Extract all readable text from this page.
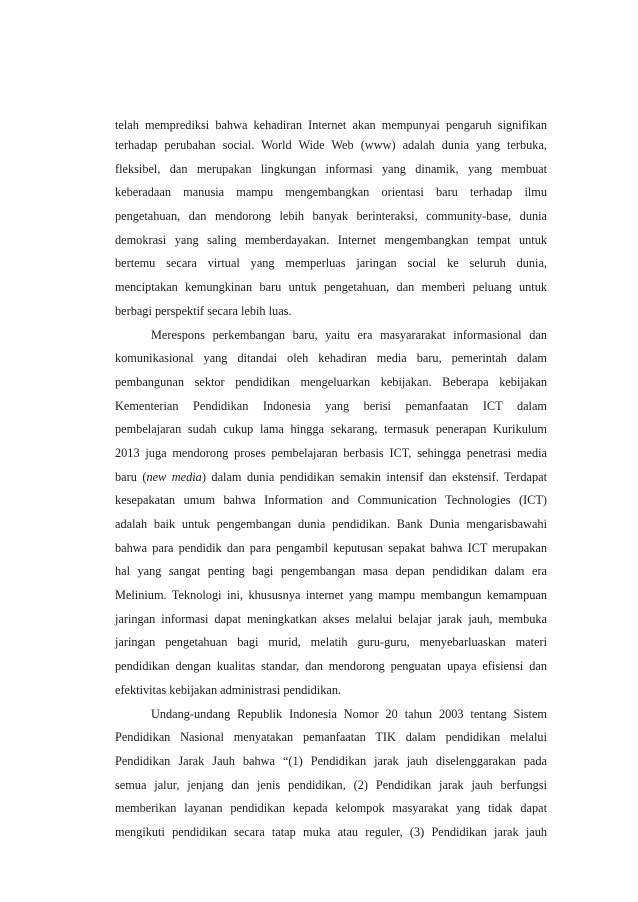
telah memprediksi bahwa kehadiran Internet akan mempunyai pengaruh signifikan
terhadap perubahan social. World Wide Web (www) adalah dunia yang terbuka,
fleksibel, dan merupakan lingkungan informasi yang dinamik, yang membuat
keberadaan manusia mampu mengembangkan orientasi baru terhadap ilmu
pengetahuan, dan mendorong lebih banyak berinteraksi, community-base, dunia
demokrasi yang saling memberdayakan. Internet mengembangkan tempat untuk
bertemu secara virtual yang memperluas jaringan social ke seluruh dunia,
menciptakan kemungkinan baru untuk pengetahuan, dan memberi peluang untuk
berbagi perspektif secara lebih luas.
Merespons perkembangan baru, yaitu era masyararakat informasional dan
komunikasional yang ditandai oleh kehadiran media baru, pemerintah dalam
pembangunan sektor pendidikan mengeluarkan kebijakan. Beberapa kebijakan
Kementerian Pendidikan Indonesia yang berisi pemanfaatan ICT dalam
pembelajaran sudah cukup lama hingga sekarang, termasuk penerapan Kurikulum
2013 juga mendorong proses pembelajaran berbasis ICT, sehingga penetrasi media
baru (new media) dalam dunia pendidikan semakin intensif dan ekstensif. Terdapat
kesepakatan umum bahwa Information and Communication Technologies (ICT)
adalah baik untuk pengembangan dunia pendidikan. Bank Dunia mengarisbawahi
bahwa para pendidik dan para pengambil keputusan sepakat bahwa ICT merupakan
hal yang sangat penting bagi pengembangan masa depan pendidikan dalam era
Melinium. Teknologi ini, khususnya internet yang mampu membangun kemampuan
jaringan informasi dapat meningkatkan akses melalui belajar jarak jauh, membuka
jaringan pengetahuan bagi murid, melatih guru-guru, menyebarluaskan materi
pendidikan dengan kualitas standar, dan mendorong penguatan upaya efisiensi dan
efektivitas kebijakan administrasi pendidikan.
Undang-undang Republik Indonesia Nomor 20 tahun 2003 tentang Sistem
Pendidikan Nasional menyatakan pemanfaatan TIK dalam pendidikan melalui
Pendidikan Jarak Jauh bahwa “(1) Pendidikan jarak jauh diselenggarakan pada
semua jalur, jenjang dan jenis pendidikan, (2) Pendidikan jarak jauh berfungsi
memberikan layanan pendidikan kepada kelompok masyarakat yang tidak dapat
mengikuti pendidikan secara tatap muka atau reguler, (3) Pendidikan jarak jauh
